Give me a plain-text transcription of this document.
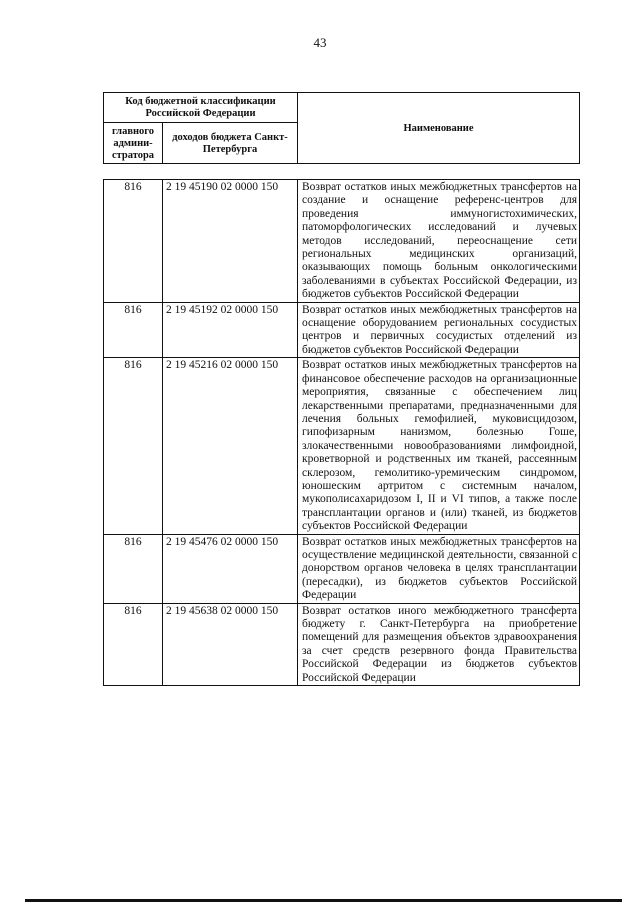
43
Код бюджетной классификации Российской Федерации		Наименование
главного админи-стратора	доходов бюджета Санкт-Петербурга	
816	2 19 45190 02 0000 150	Возврат остатков иных межбюджетных трансфертов на создание и оснащение референс-центров для проведения иммуногистохимических, патоморфологических исследований и лучевых методов исследований, переоснащение сети региональных медицинских организаций, оказывающих помощь больным онкологическими заболеваниями в субъектах Российской Федерации, из бюджетов субъектов Российской Федерации
816	2 19 45192 02 0000 150	Возврат остатков иных межбюджетных трансфертов на оснащение оборудованием региональных сосудистых центров и первичных сосудистых отделений из бюджетов субъектов Российской Федерации
816	2 19 45216 02 0000 150	Возврат остатков иных межбюджетных трансфертов на финансовое обеспечение расходов на организационные мероприятия, связанные с обеспечением лиц лекарственными препаратами, предназначенными для лечения больных гемофилией, муковисцидозом, гипофизарным нанизмом, болезнью Гоше, злокачественными новообразованиями лимфоидной, кроветворной и родственных им тканей, рассеянным склерозом, гемолитико-уремическим синдромом, юношеским артритом с системным началом, мукополисахаридозом I, II и VI типов, а также после трансплантации органов и (или) тканей, из бюджетов субъектов Российской Федерации
816	2 19 45476 02 0000 150	Возврат остатков иных межбюджетных трансфертов на осуществление медицинской деятельности, связанной с донорством органов человека в целях трансплантации (пересадки), из бюджетов субъектов Российской Федерации
816	2 19 45638 02 0000 150	Возврат остатков иного межбюджетного трансферта бюджету г. Санкт-Петербурга на приобретение помещений для размещения объектов здравоохранения за счет средств резервного фонда Правительства Российской Федерации из бюджетов субъектов Российской Федерации
